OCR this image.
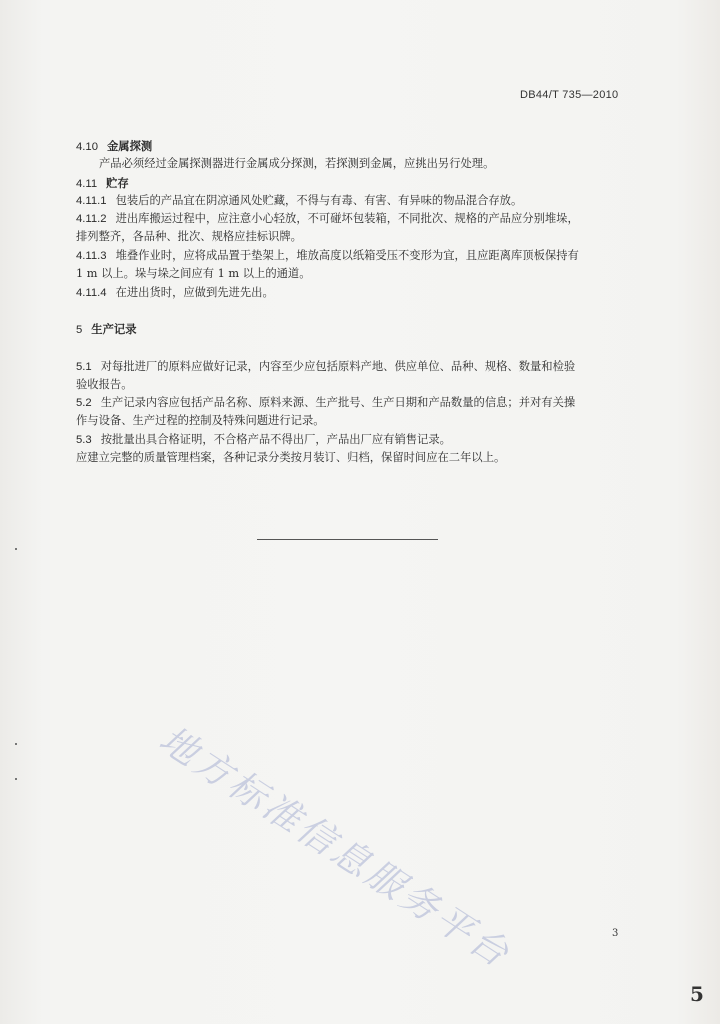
DB44/T 735—2010
4.10 金属探测
产品必须经过金属探测器进行金属成分探测，若探测到金属，应挑出另行处理。
4.11 贮存
4.11.1 包装后的产品宜在阴凉通风处贮藏，不得与有毒、有害、有异味的物品混合存放。
4.11.2 进出库搬运过程中，应注意小心轻放，不可碰坏包装箱，不同批次、规格的产品应分别堆垛，
排列整齐，各品种、批次、规格应挂标识牌。
4.11.3 堆叠作业时，应将成品置于垫架上，堆放高度以纸箱受压不变形为宜，且应距离库顶板保持有
1 m 以上。垛与垛之间应有 1 m 以上的通道。
4.11.4 在进出货时，应做到先进先出。
5 生产记录
5.1 对每批进厂的原料应做好记录，内容至少应包括原料产地、供应单位、品种、规格、数量和检验
验收报告。
5.2 生产记录内容应包括产品名称、原料来源、生产批号、生产日期和产品数量的信息；并对有关操
作与设备、生产过程的控制及特殊问题进行记录。
5.3 按批量出具合格证明，不合格产品不得出厂，产品出厂应有销售记录。
应建立完整的质量管理档案，各种记录分类按月装订、归档，保留时间应在二年以上。
地方标准信息服务平台	3
5
